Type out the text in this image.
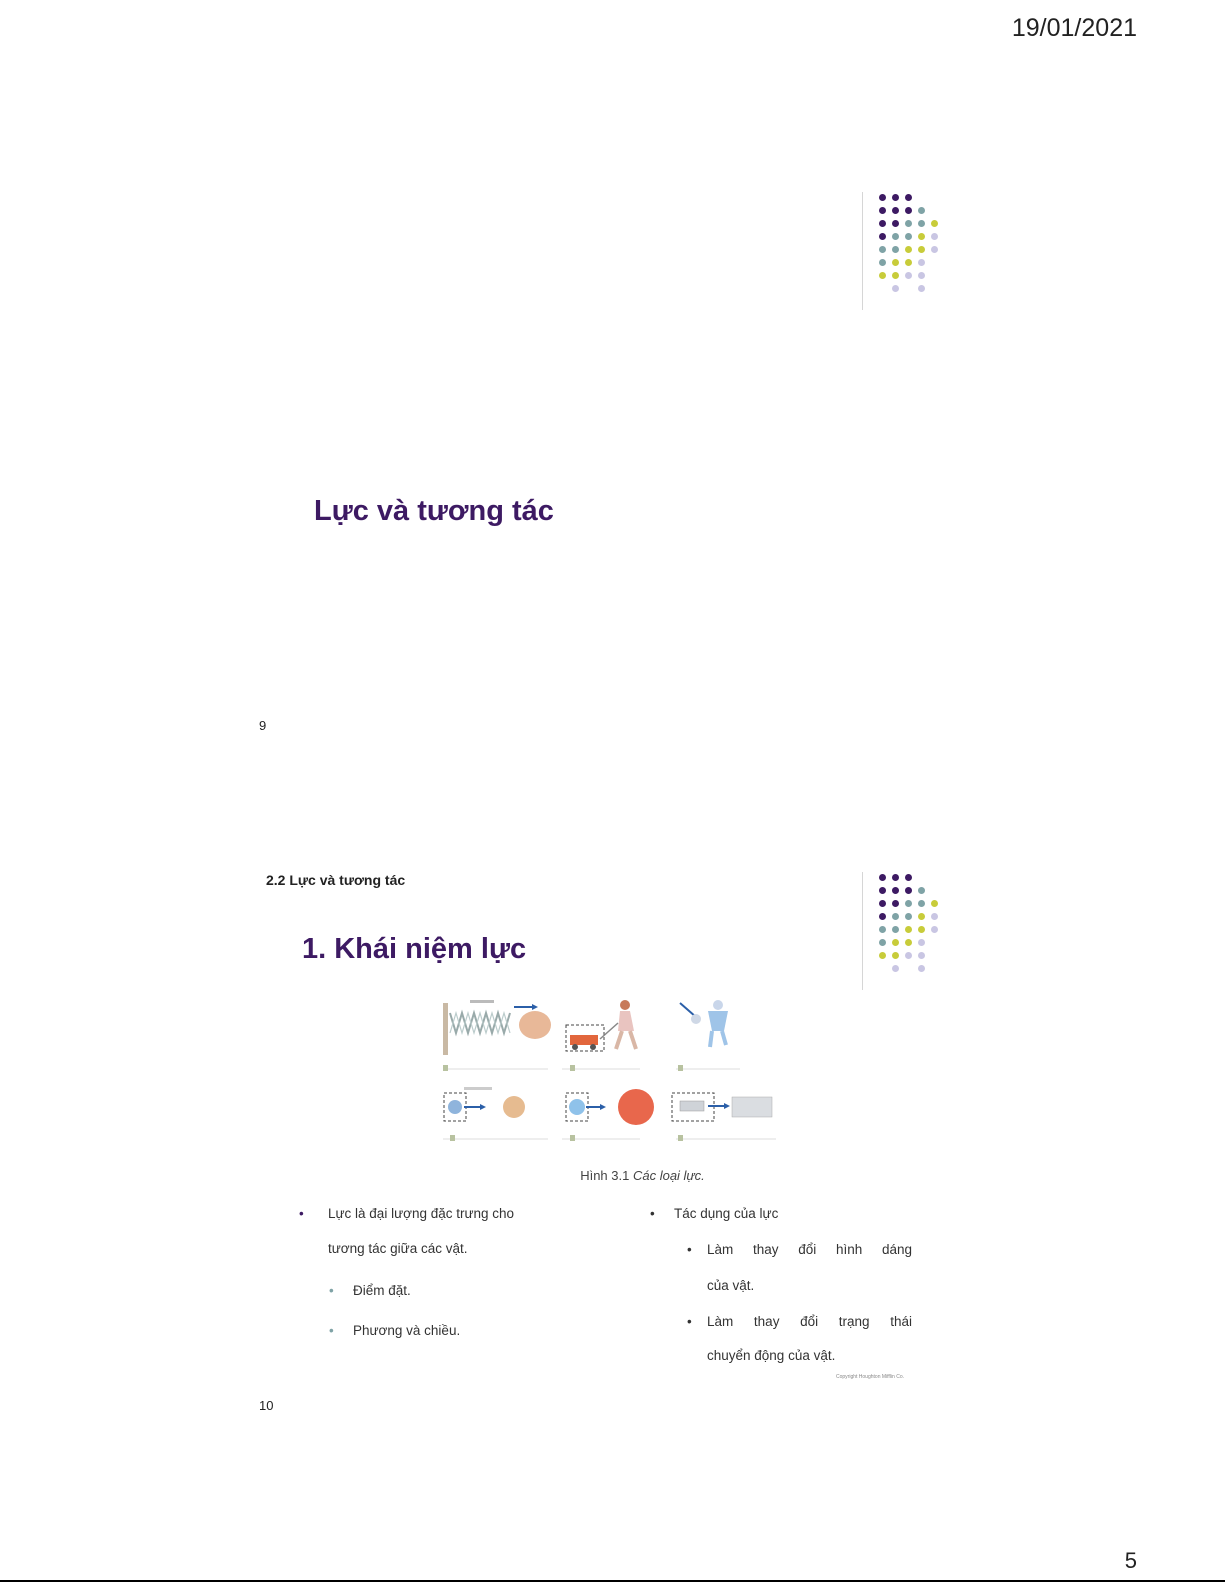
19/01/2021
Lực và tương tác
9
2.2 Lực và tương tác
1. Khái niệm lực
Hình 3.1 Các loại lực.
• Lực là đại lượng đặc trưng cho
tương tác giữa các vật.
• Điểm đặt.
• Phương và chiều.
• Tác dụng của lực
• Làm thay đổi hình dáng
của vật.
• Làm thay đổi trạng thái
chuyển động của vật.
Copyright Houghton Mifflin Co.
10
5
